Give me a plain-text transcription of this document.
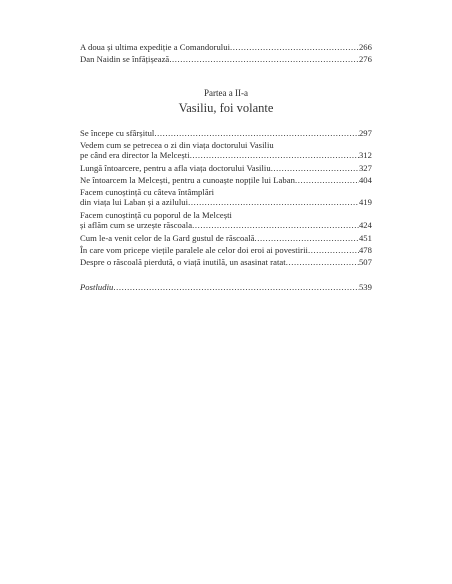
A doua și ultima expediție a Comandorului .....	266
Dan Naidin se înfățișează .....	276
Partea a II-a
Vasiliu, foi volante
Se începe cu sfârșitul .....	297
Vedem cum se petrecea o zi din viața doctorului Vasiliu
pe când era director la Melcești .....	312
Lungă întoarcere, pentru a afla viața doctorului Vasiliu .....	327
Ne întoarcem la Melcești, pentru a cunoaște nopțile lui Laban .....	404
Facem cunoștință cu câteva întâmplări
din viața lui Laban și a azilului .....	419
Facem cunoștință cu poporul de la Melcești
și aflăm cum se urzește răscoala .....	424
Cum le-a venit celor de la Gard gustul de răscoală .....	451
În care vom pricepe viețile paralele ale celor doi eroi ai povestirii .....	478
Despre o răscoală pierdută, o viață inutilă, un asasinat ratat .....	507
Postludiu .....	539
